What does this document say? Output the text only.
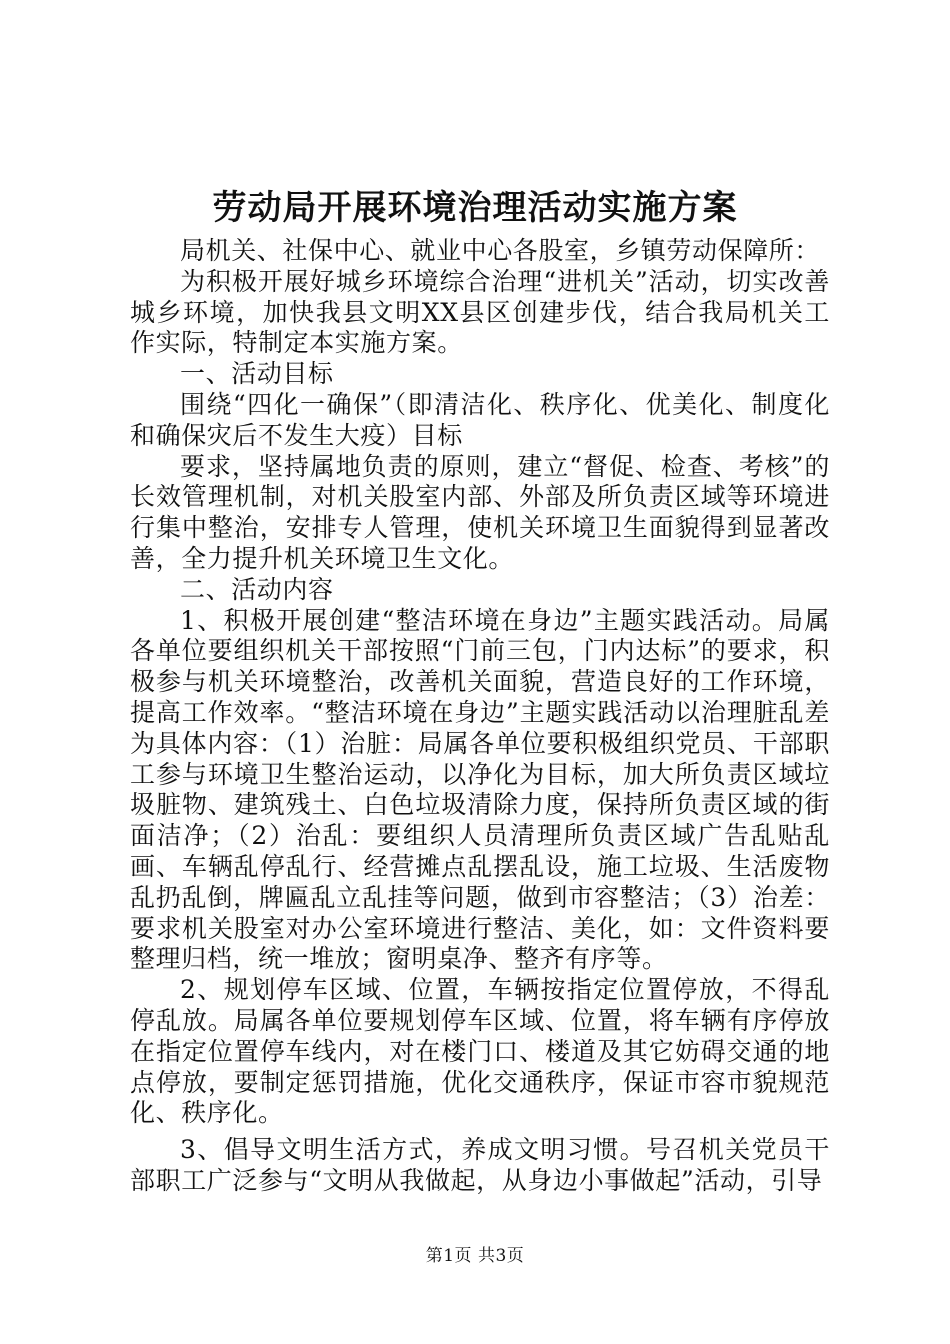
劳动局开展环境治理活动实施方案

局机关、社保中心、就业中心各股室，乡镇劳动保障所：

为积极开展好城乡环境综合治理“进机关”活动，切实改善城乡环境，加快我县文明XX县区创建步伐，结合我局机关工作实际，特制定本实施方案。

一、活动目标

围绕“四化一确保”（即清洁化、秩序化、优美化、制度化和确保灾后不发生大疫）目标

要求，坚持属地负责的原则，建立“督促、检查、考核”的长效管理机制，对机关股室内部、外部及所负责区域等环境进行集中整治，安排专人管理，使机关环境卫生面貌得到显著改善，全力提升机关环境卫生文化。

二、活动内容

1、积极开展创建“整洁环境在身边”主题实践活动。局属各单位要组织机关干部按照“门前三包，门内达标”的要求，积极参与机关环境整治，改善机关面貌，营造良好的工作环境，提高工作效率。“整洁环境在身边”主题实践活动以治理脏乱差为具体内容：（1）治脏：局属各单位要积极组织党员、干部职工参与环境卫生整治运动，以净化为目标，加大所负责区域垃圾脏物、建筑残土、白色垃圾清除力度，保持所负责区域的街面洁净；（2）治乱：要组织人员清理所负责区域广告乱贴乱画、车辆乱停乱行、经营摊点乱摆乱设，施工垃圾、生活废物乱扔乱倒，牌匾乱立乱挂等问题，做到市容整洁；（3）治差：要求机关股室对办公室环境进行整洁、美化，如：文件资料要整理归档，统一堆放；窗明桌净、整齐有序等。

2、规划停车区域、位置，车辆按指定位置停放，不得乱停乱放。局属各单位要规划停车区域、位置，将车辆有序停放在指定位置停车线内，对在楼门口、楼道及其它妨碍交通的地点停放，要制定惩罚措施，优化交通秩序，保证市容市貌规范化、秩序化。

3、倡导文明生活方式，养成文明习惯。号召机关党员干部职工广泛参与“文明从我做起，从身边小事做起”活动，引导

第1页 共3页
